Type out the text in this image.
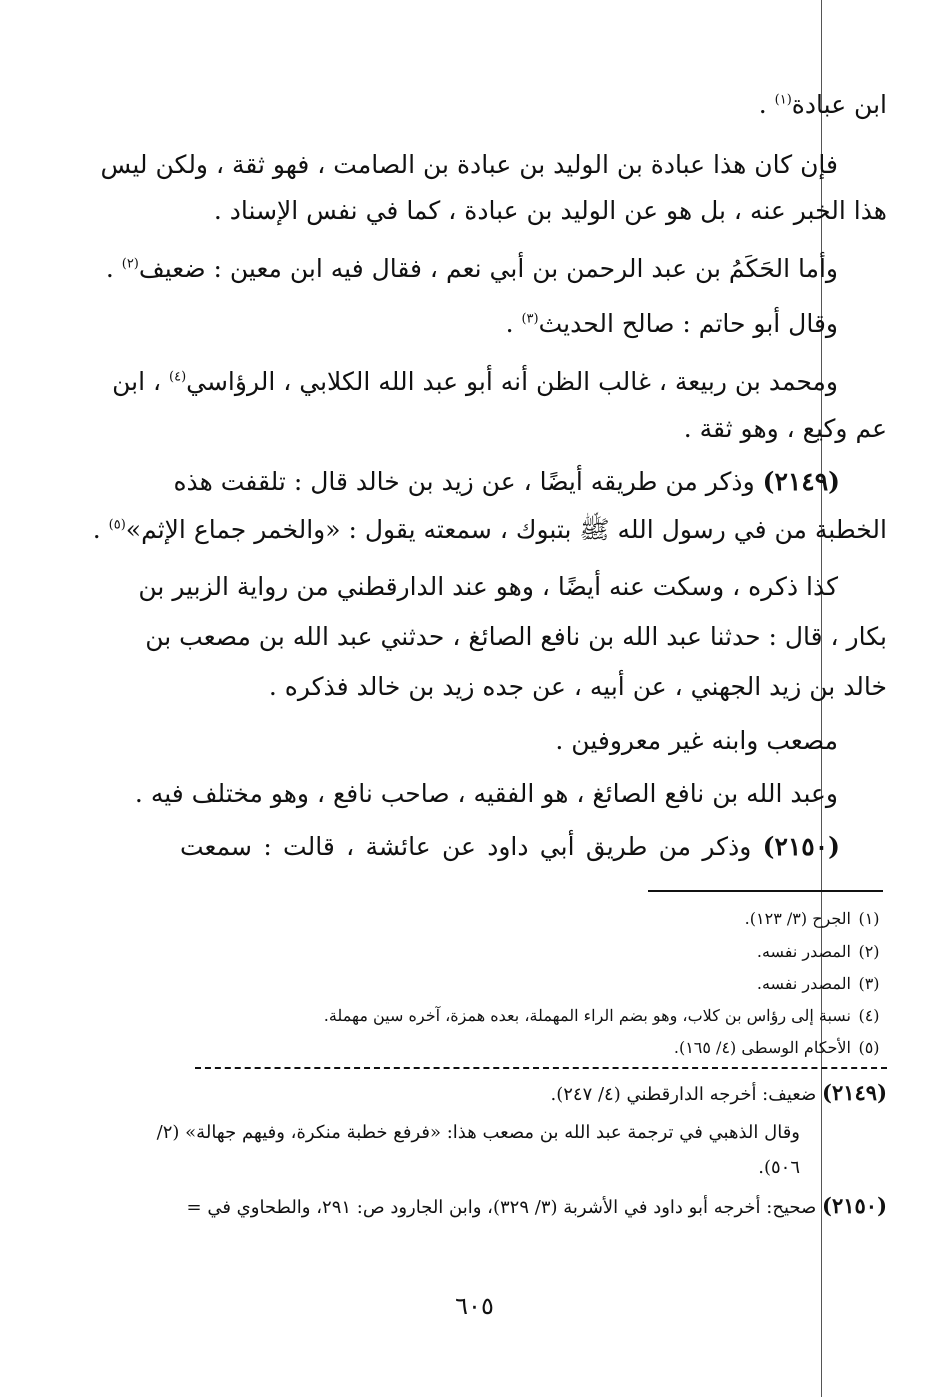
ابن عبادة$^{(١)}$ .
فإن كان هذا عبادة بن الوليد بن عبادة بن الصامت ، فهو ثقة ، ولكن ليس
هذا الخبر عنه ، بل هو عن الوليد بن عبادة ، كما في نفس الإسناد .
وأما الحَكَمُ بن عبد الرحمن بن أبي نعم ، فقال فيه ابن معين : ضعيف$^{(٢)}$ .
وقال أبو حاتم : صالح الحديث$^{(٣)}$ .
ومحمد بن ربيعة ، غالب الظن أنه أبو عبد الله الكلابي ، الرؤاسي$^{(٤)}$ ، ابن
عم وكيع ، وهو ثقة .
(٢١٤٩) وذكر من طريقه أيضًا ، عن زيد بن خالد قال : تلقفت هذه
الخطبة من في رسول الله ﷺ بتبوك ، سمعته يقول : «والخمر جماع الإثم»$^{(٥)}$ .
كذا ذكره ، وسكت عنه أيضًا ، وهو عند الدارقطني من رواية الزبير بن
بكار ، قال : حدثنا عبد الله بن نافع الصائغ ، حدثني عبد الله بن مصعب بن
خالد بن زيد الجهني ، عن أبيه ، عن جده زيد بن خالد فذكره .
مصعب وابنه غير معروفين .
وعبد الله بن نافع الصائغ ، هو الفقيه ، صاحب نافع ، وهو مختلف فيه .
(٢١٥٠) وذكر من طريق أبي داود عن عائشة ، قالت : سمعت
(١)الجرح (٣/ ١٢٣).
(٢)المصدر نفسه.
(٣)المصدر نفسه.
(٤)نسبة إلى رؤاس بن كلاب، وهو بضم الراء المهملة، بعده همزة، آخره سين مهملة.
(٥)الأحكام الوسطى (٤/ ١٦٥).
(٢١٤٩) ضعيف: أخرجه الدارقطني (٤/ ٢٤٧).
وقال الذهبي في ترجمة عبد الله بن مصعب هذا: «فرفع خطبة منكرة، وفيهم جهالة» (٢/
٥٠٦).
(٢١٥٠) صحيح: أخرجه أبو داود في الأشربة (٣/ ٣٢٩)، وابن الجارود ص: ٢٩١، والطحاوي في =
٦٠٥
